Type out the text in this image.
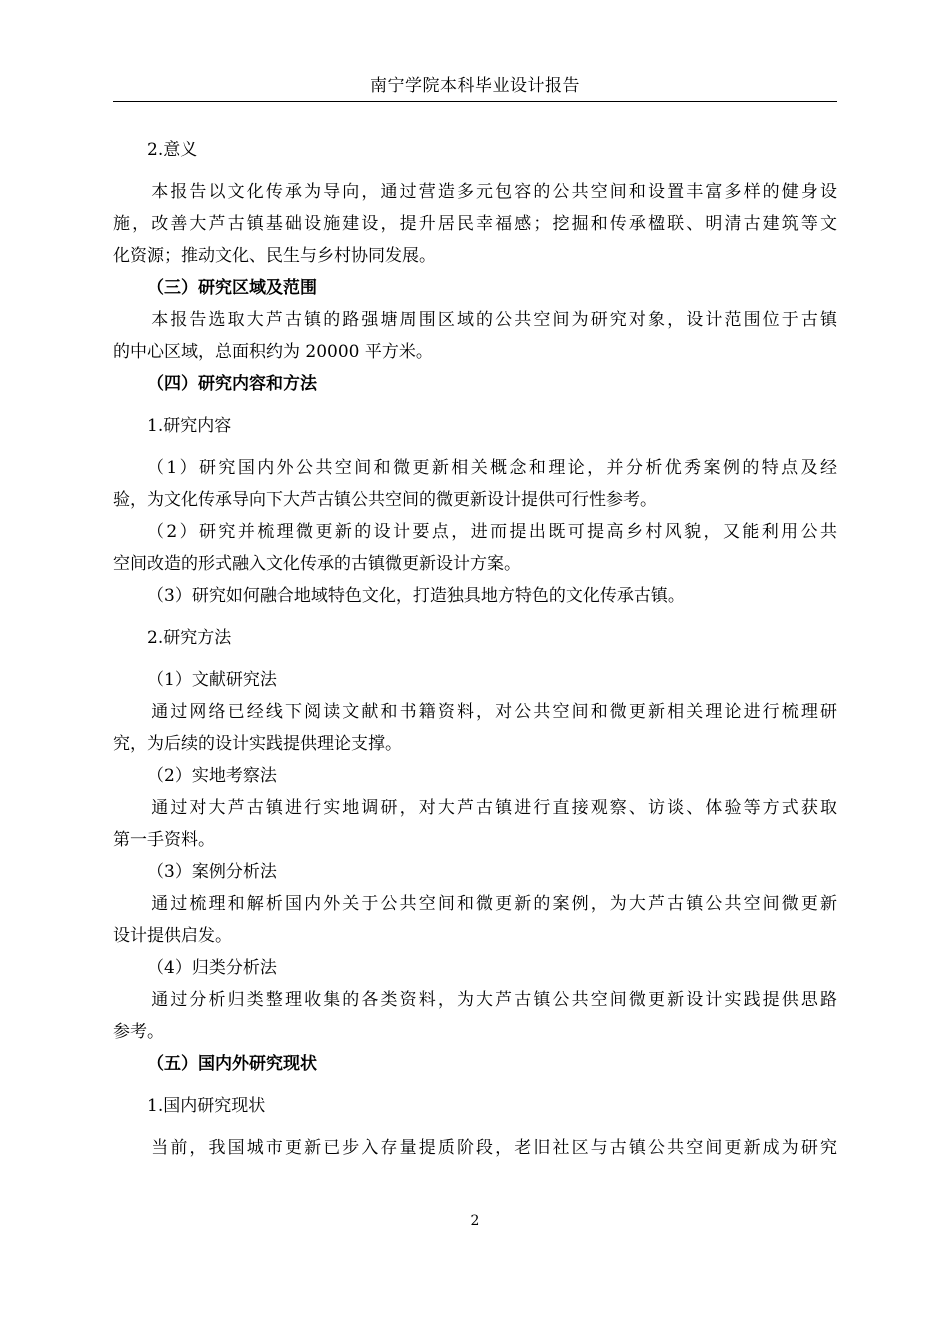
南宁学院本科毕业设计报告
2.意义
　　本报告以文化传承为导向，通过营造多元包容的公共空间和设置丰富多样的健身设
施，改善大芦古镇基础设施建设，提升居民幸福感；挖掘和传承楹联、明清古建筑等文
化资源；推动文化、民生与乡村协同发展。
（三）研究区域及范围
　　本报告选取大芦古镇的路强塘周围区域的公共空间为研究对象，设计范围位于古镇
的中心区域，总面积约为 20000 平方米。
（四）研究内容和方法
1.研究内容
（1）研究国内外公共空间和微更新相关概念和理论，并分析优秀案例的特点及经
验，为文化传承导向下大芦古镇公共空间的微更新设计提供可行性参考。
（2）研究并梳理微更新的设计要点，进而提出既可提高乡村风貌，又能利用公共
空间改造的形式融入文化传承的古镇微更新设计方案。
（3）研究如何融合地域特色文化，打造独具地方特色的文化传承古镇。
2.研究方法
（1）文献研究法
　　通过网络已经线下阅读文献和书籍资料，对公共空间和微更新相关理论进行梳理研
究，为后续的设计实践提供理论支撑。
（2）实地考察法
　　通过对大芦古镇进行实地调研，对大芦古镇进行直接观察、访谈、体验等方式获取
第一手资料。
（3）案例分析法
　　通过梳理和解析国内外关于公共空间和微更新的案例，为大芦古镇公共空间微更新
设计提供启发。
（4）归类分析法
　　通过分析归类整理收集的各类资料，为大芦古镇公共空间微更新设计实践提供思路
参考。
（五）国内外研究现状
1.国内研究现状
　　当前，我国城市更新已步入存量提质阶段，老旧社区与古镇公共空间更新成为研究
2
